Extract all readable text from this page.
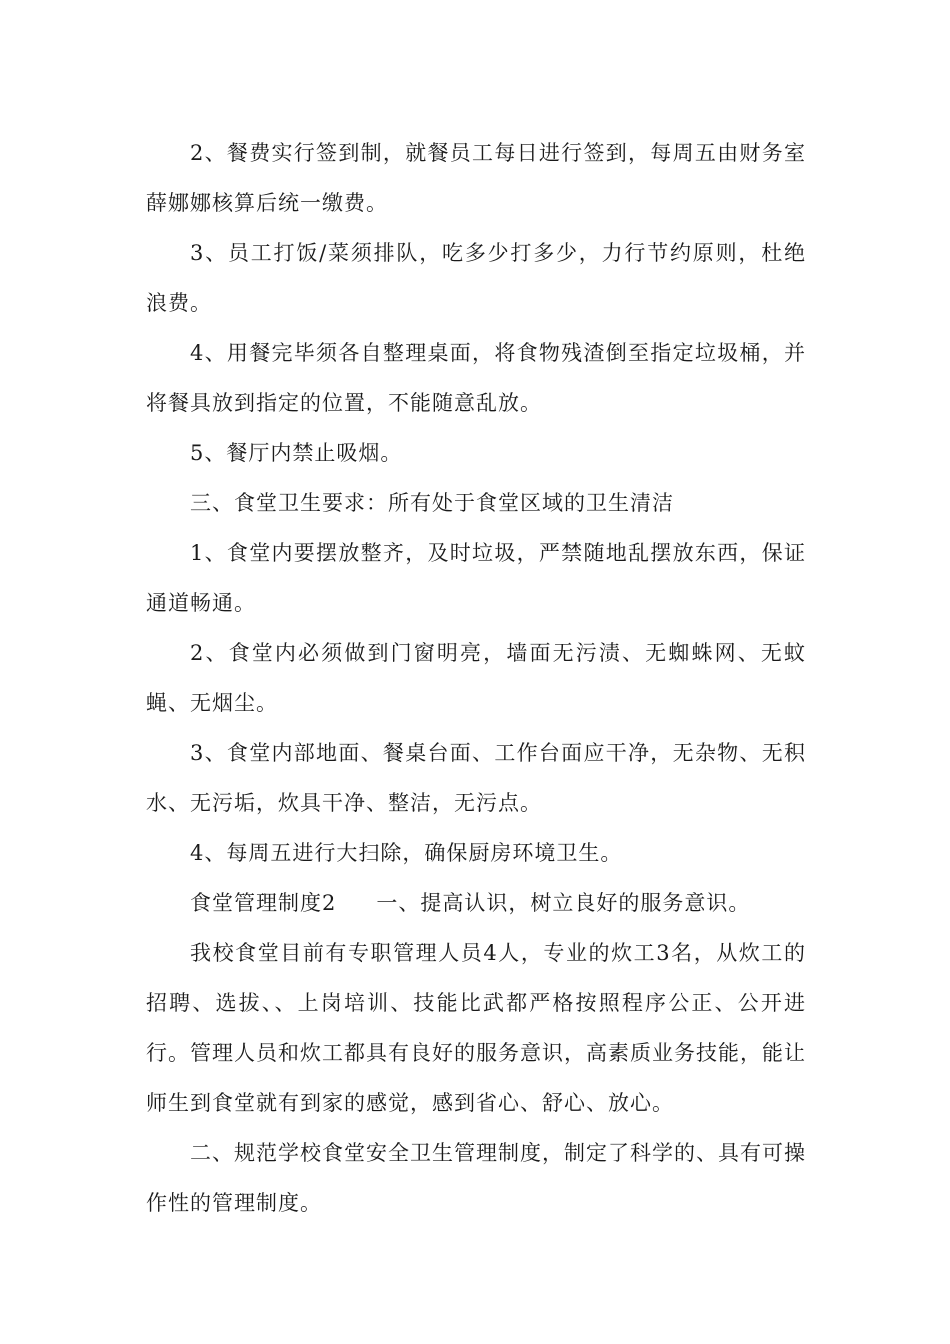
2、餐费实行签到制，就餐员工每日进行签到，每周五由财务室薛娜娜核算后统一缴费。

3、员工打饭/菜须排队，吃多少打多少，力行节约原则，杜绝浪费。

4、用餐完毕须各自整理桌面，将食物残渣倒至指定垃圾桶，并将餐具放到指定的位置，不能随意乱放。

5、餐厅内禁止吸烟。

三、食堂卫生要求：所有处于食堂区域的卫生清洁

1、食堂内要摆放整齐，及时垃圾，严禁随地乱摆放东西，保证通道畅通。

2、食堂内必须做到门窗明亮，墙面无污渍、无蜘蛛网、无蚊蝇、无烟尘。

3、食堂内部地面、餐桌台面、工作台面应干净，无杂物、无积水、无污垢，炊具干净、整洁，无污点。

4、每周五进行大扫除，确保厨房环境卫生。

食堂管理制度2 一、提高认识，树立良好的服务意识。

我校食堂目前有专职管理人员4人，专业的炊工3名，从炊工的招聘、选拔、、上岗培训、技能比武都严格按照程序公正、公开进行。管理人员和炊工都具有良好的服务意识，高素质业务技能，能让师生到食堂就有到家的感觉，感到省心、舒心、放心。

二、规范学校食堂安全卫生管理制度，制定了科学的、具有可操作性的管理制度。
